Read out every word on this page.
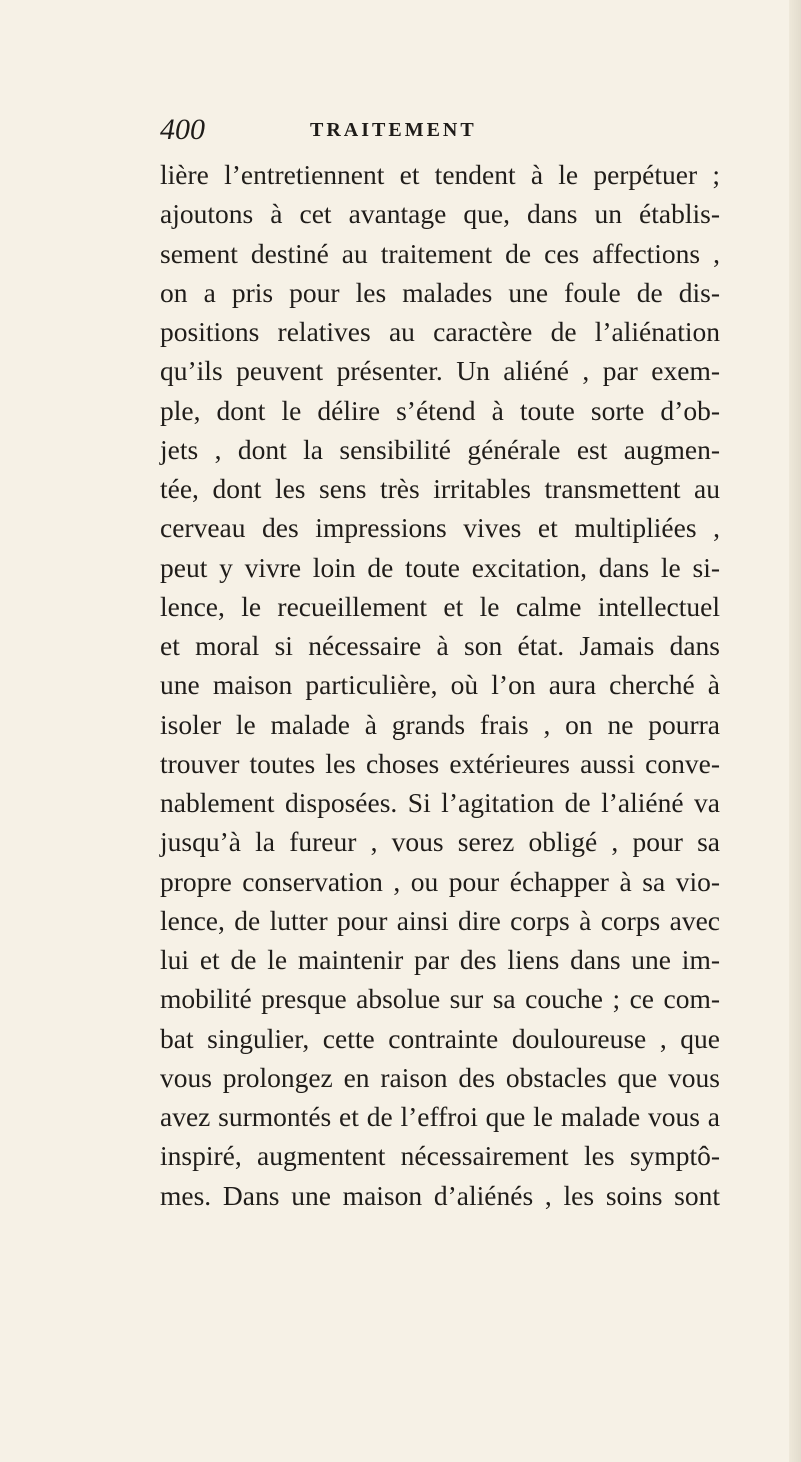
400	TRAITEMENT
lière l’entretiennent et tendent à le perpétuer ;
ajoutons à cet avantage que, dans un établis-
sement destiné au traitement de ces affections ,
on a pris pour les malades une foule de dis-
positions relatives au caractère de l’aliénation
qu’ils peuvent présenter. Un aliéné , par exem-
ple, dont le délire s’étend à toute sorte d’ob-
jets , dont la sensibilité générale est augmen-
tée, dont les sens très irritables transmettent au
cerveau des impressions vives et multipliées ,
peut y vivre loin de toute excitation, dans le si-
lence, le recueillement et le calme intellectuel
et moral si nécessaire à son état. Jamais dans
une maison particulière, où l’on aura cherché à
isoler le malade à grands frais , on ne pourra
trouver toutes les choses extérieures aussi conve-
nablement disposées. Si l’agitation de l’aliéné va
jusqu’à la fureur , vous serez obligé , pour sa
propre conservation , ou pour échapper à sa vio-
lence, de lutter pour ainsi dire corps à corps avec
lui et de le maintenir par des liens dans une im-
mobilité presque absolue sur sa couche ; ce com-
bat singulier, cette contrainte douloureuse , que
vous prolongez en raison des obstacles que vous
avez surmontés et de l’effroi que le malade vous a
inspiré, augmentent nécessairement les symptô-
mes. Dans une maison d’aliénés , les soins sont
